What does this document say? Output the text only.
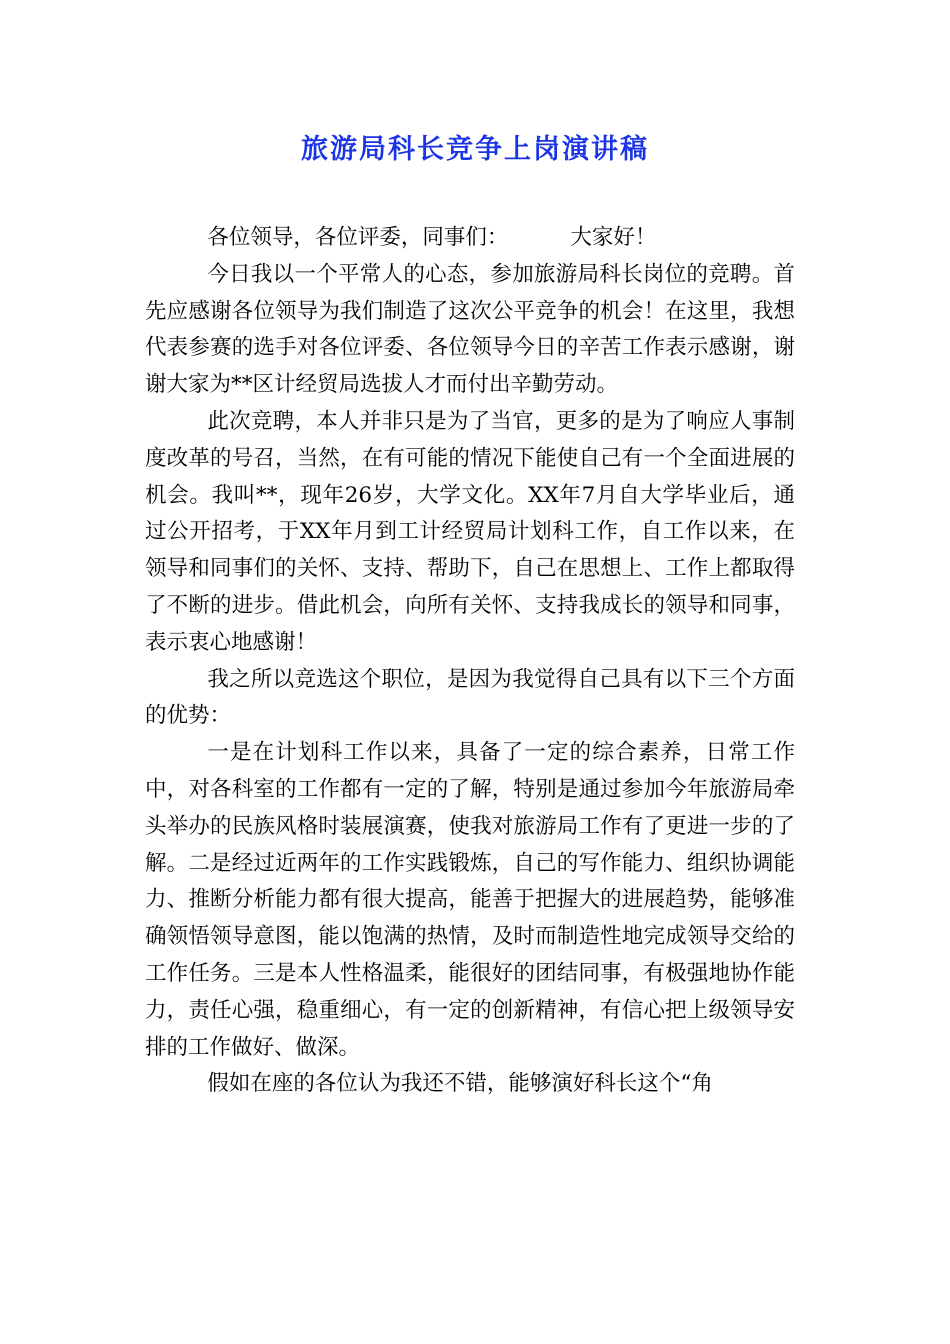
旅游局科长竞争上岗演讲稿

各位领导，各位评委，同事们：	大家好！

今日我以一个平常人的心态，参加旅游局科长岗位的竞聘。首先应感谢各位领导为我们制造了这次公平竞争的机会！在这里，我想代表参赛的选手对各位评委、各位领导今日的辛苦工作表示感谢，谢谢大家为**区计经贸局选拔人才而付出辛勤劳动。

此次竞聘，本人并非只是为了当官，更多的是为了响应人事制度改革的号召，当然，在有可能的情况下能使自己有一个全面进展的机会。我叫**，现年26岁，大学文化。XX年7月自大学毕业后，通过公开招考，于XX年月到工计经贸局计划科工作，自工作以来，在领导和同事们的关怀、支持、帮助下，自己在思想上、工作上都取得了不断的进步。借此机会，向所有关怀、支持我成长的领导和同事，表示衷心地感谢！

我之所以竞选这个职位，是因为我觉得自己具有以下三个方面的优势：

一是在计划科工作以来，具备了一定的综合素养，日常工作中，对各科室的工作都有一定的了解，特别是通过参加今年旅游局牵头举办的民族风格时装展演赛，使我对旅游局工作有了更进一步的了解。二是经过近两年的工作实践锻炼，自己的写作能力、组织协调能力、推断分析能力都有很大提高，能善于把握大的进展趋势，能够准确领悟领导意图，能以饱满的热情，及时而制造性地完成领导交给的工作任务。三是本人性格温柔，能很好的团结同事，有极强地协作能力，责任心强，稳重细心，有一定的创新精神，有信心把上级领导安排的工作做好、做深。

假如在座的各位认为我还不错，能够演好科长这个“角
